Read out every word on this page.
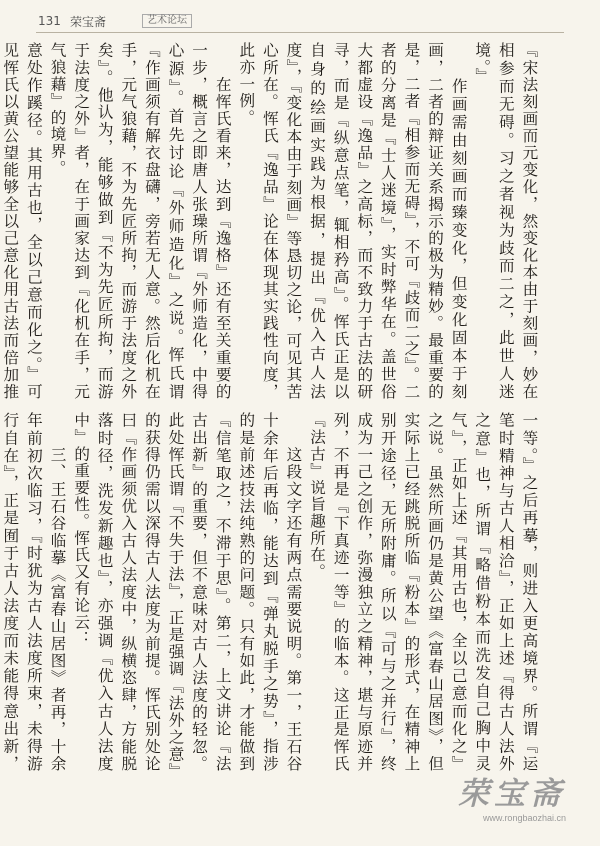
131 荣宝斋	艺术论坛

『宋法刻画而元变化，然变化本由于刻画，妙在相参而无碍。习之者视为歧而二之，此世人迷境。』
　　作画需由刻画而臻变化，但变化固本于刻画，二者的辩证关系揭示的极为精妙。最重要的是，二者『相参而无碍』，不可『歧而二之』。二者的分离是『士人迷境』，实时弊华在。盖世俗大都虚设『逸品』之高标，而不致力于古法的研寻，而是『纵意点笔，辄相矜高』。恽氏正是以自身的绘画实践为根据，提出『优入古人法度』，『变化本由于刻画』等恳切之论，可见其苦心所在。恽氏『逸品』论在体现其实践性向度，此亦一例。
　　在恽氏看来，达到『逸格』还有至关重要的一步，概言之即唐人张璪所谓『外师造化，中得心源』。首先讨论『外师造化』之说。恽氏谓『作画须有解衣盘礴，旁若无人意。然后化机在手，元气狼藉，不为先匠所拘，而游于法度之外矣』。他认为，能够做到『不为先匠所拘，而游于法度之外』者，在于画家达到『化机在手，元气狼藉』的境界。
意处作蹊径。其用古也，全以己意而化之。』可见恽氏以黄公望能够全以己意化用古法而倍加推

一等。』之后再摹，则进入更高境界。所谓『运笔时精神与古人相洽』，正如上述『得古人法外之意』也，所谓『略借粉本而洗发自己胸中灵气』，正如上述『其用古也，全以己意而化之』之说。虽然所画仍是黄公望《富春山居图》，但实际上已经跳脱所临『粉本』的形式，在精神上别开途径，无所附庸。所以『可与之并行』，终成为一己之创作，弥漫独立之精神，堪与原迹并列，不再是『下真迹一等』的临本。这正是恽氏『法古』说旨趣所在。
　　这段文字还有两点需要说明。第一，王石谷十余年后再临，能达到『弹丸脱手之势』，指涉的是前述技法纯熟的问题。只有如此，才能做到『信笔取之，不滞于思』。第二，上文讲论『法古出新』的重要，但不意味对古人法度的轻忽。此处恽氏谓『不失于法』，正是强调『法外之意』的获得仍需以深得古人法度为前提。恽氏别处论曰『作画须优入古人法度中，纵横恣肆，方能脱落时径，洗发新趣也』，亦强调『优入古人法度中』的重要性。恽氏又有论云：
　　三、王石谷临摹《富春山居图》者再，十余年前初次临习，『时犹为古人法度所束，未得游行自在』，正是囿于古人法度而未能得意出新，

荣宝斋
www.rongbaozhai.cn
